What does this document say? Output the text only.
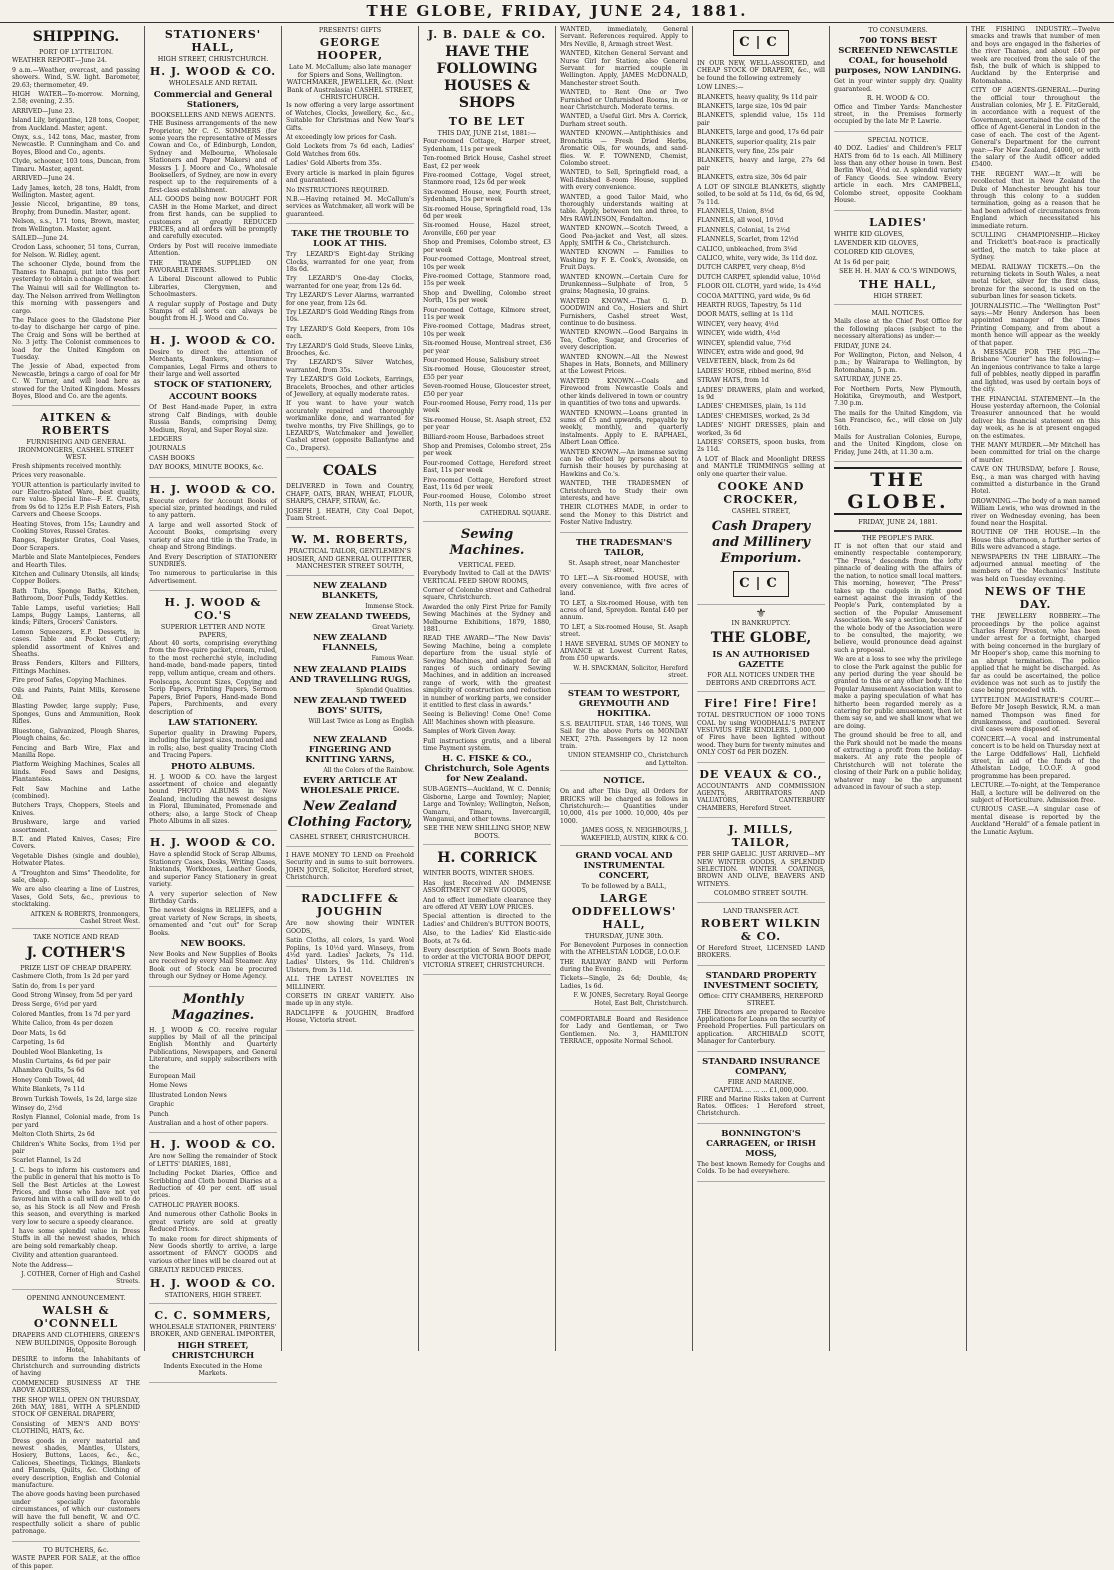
THE GLOBE, FRIDAY, JUNE 24, 1881.
SHIPPING.
PORT OF LYTTELTON.

WEATHER REPORT—June 24.

9 a.m.—Weather, overcast, and passing showers. Wind, S.W. light. Barometer, 29.63; thermometer, 49.

HIGH WATER—To-morrow. Morning, 2.58; evening, 2.35.

ARRIVED—June 23.

Island Lily, brigantine, 128 tons, Cooper, from Auckland. Master, agent.

Onyx, s.s., 142 tons, Mac, master, from Newcastle. P. Cunningham and Co. and Boyes, Blood and Co., agents.

Clyde, schooner, 103 tons, Duncan, from Timaru. Master, agent.

ARRIVED—June 24.

Lady James, ketch, 28 tons, Haldt, from Wellington. Master, agent.

Jessie Niccol, brigantine, 89 tons, Brophy, from Dunedin. Master, agent.

Nelson, s.s., 171 tons, Brown, master, from Wellington. Master, agent.

SAILED—June 24.

Crodon Lass, schooner, 51 tons, Curran, for Nelson. W. Ridley, agent.

The schooner Clyde, bound from the Thames to Ranapui, put into this port yesterday to obtain a change of weather.

The Wainui will sail for Wellington to-day. The Nelson arrived from Wellington this morning with passengers and cargo.

The Palace goes to the Gladstone Pier to-day to discharge her cargo of pine. The Craig and Sons will be berthed at No. 3 jetty. The Colonist commences to load for the United Kingdom on Tuesday.

The Jessie of Abad, expected from Newcastle, brings a cargo of coal for Mr C. W. Turner, and will lead here as stowed for the United Kingdom. Messrs Boyes, Blood and Co. are the agents.

AITKEN & ROBERTS
FURNISHING AND GENERAL IRONMONGERS, CASHEL STREET WEST.

Fresh shipments received monthly.

Prices very reasonable.

YOUR attention is particularly invited to our Electro-plated Ware, best quality, rare value. Special line—F. E. Cruets, from 9s 6d to 125s E.P. Fish Eaters, Fish Carvers and Cheese Scoops.

Heating Stoves, from 15s; Laundry and Cooking Stoves, Russel Grates.

Ranges, Register Grates, Coal Vases, Door Scrapers.

Marble and Slate Mantelpieces, Fenders and Hearth Tiles.

Kitchen and Culinary Utensils, all kinds; Copper Boilers.

Bath Tubs, Sponge Baths, Kitchen, Bathroom, Door Pulls, Teddy Kettles.

Table Lamps, useful varieties; Hall Lamps, Buggy Lamps, Lanterns, all kinds; Filters, Grocers' Canisters.

Lemon Squeezers, E.P. Desserts, in cases. Table and Pocket Cutlery; splendid assortment of Knives and Sheaths.

Brass Fenders, Kilters and Fillters, Fittings Machines.

Fire proof Safes, Copying Machines.

Oils and Paints, Paint Mills, Kerosene Oil.

Blasting Powder, large supply; Fuse, Sponges, Guns and Ammunition, Rook Rifles.

Bluestone, Galvanized, Plough Shares, Plough chains, &c.

Fencing and Barb Wire, Flax and Manilla Rope.

Platform Weighing Machines, Scales all kinds. Feed Saws and Designs, Plantanteiss.

Felt Saw Machine and Lathe (combined).

Butchers Trays, Choppers, Steels and Knives.

Brushware, large and varied assortment.

B.T. and Plated Knives, Cases; Fire Covers.

Vegetable Dishes (single and double), Hotwater Plates.

A "Troughton and Sims" Theodolite, for sale, cheap.

We are also clearing a line of Lustres, Vases, Gold Sets, &c., previous to stocktaking.

AITKEN & ROBERTS, Ironmongers, Cashel Street West.
TAKE NOTICE AND READ
J. COTHER'S
PRIZE LIST OF CHEAP DRAPERY.

Cashmere Cloth, from 1s 2d per yard

Satin do, from 1s per yard

Good Strong Winsey, from 5d per yard

Dress Serge, 6½d per yard

Colored Mantles, from 1s 7d per yard

White Calico, from 4s per dozen

Door Mats, 1s 6d

Carpeting, 1s 6d

Doubled Wool Blanketing, 1s

Muslin Curtains, 4s 6d per pair

Alhambra Quilts, 5s 6d

Honey Comb Towel, 4d

White Blankets, 7s 11d

Brown Turkish Towels, 1s 2d, large size

Winsey do, 2½d

Roslyn Flannel, Colonial made, from 1s per yard

Melton Cloth Shirts, 2s 6d

Children's White Socks, from 1½d per pair

Scarlet Flannel, 1s 2d

J. C. begs to inform his customers and the public in general that his motto is To Sell the Best Articles at the Lowest Prices, and those who have not yet favored him with a call will do well to do so, as his Stock is all New and Fresh this season, and everything is marked very low to secure a speedy clearance.

I have some splendid value in Dress Stuffs in all the newest shades, which are being sold remarkably cheap.

Civility and attention guaranteed.

Note the Address—

J. COTHER, Corner of High and Cashel Streets.
OPENING ANNOUNCEMENT.
WALSH & O'CONNELL
DRAPERS AND CLOTHIERS, GREEN'S NEW BUILDINGS, Opposite Borough Hotel,

DESIRE to inform the Inhabitants of Christchurch and surrounding districts of having

COMMENCED BUSINESS AT THE ABOVE ADDRESS,

THE SHOP WILL OPEN ON THURSDAY, 26th MAY, 1881, WITH A SPLENDID STOCK OF GENERAL DRAPERY,

Consisting of MEN'S AND BOYS' CLOTHING, HATS, &c.

Dress goods in every material and newest shades, Mantles, Ulsters, Hosiery, Buttons, Laces, &c., &c., Calicoes, Sheetings, Tickings, Blankets and Flannels, Quilts, &c. Clothing of every description, English and Colonial manufacture.

The above goods having been purchased under specially favorable circumstances, of which our customers will have the full benefit, W. and O'C. respectfully solicit a share of public patronage.

TO BUTCHERS, &c.

WASTE PAPER FOR SALE, at the office of this paper.

STATIONERS' HALL,
HIGH STREET, CHRISTCHURCH.
H. J. WOOD & CO.
WHOLESALE AND RETAIL
Commercial and General Stationers,
BOOKSELLERS AND NEWS AGENTS.

THE Business arrangements of the new Proprietor, Mr C. C. SOMMERS (for some years the representative of Messrs Cowan and Co., of Edinburgh, London, Sydney and Melbourne, Wholesale Stationers and Paper Makers) and of Messrs J. J. Moore and Co., Wholesale Booksellers, of Sydney, are now in every respect up to the requirements of a first-class establishment.

ALL GOODS being now BOUGHT FOR CASH in the Home Market, and direct from first hands, can be supplied to customers at greatly REDUCED PRICES, and all orders will be promptly and carefully executed.

Orders by Post will receive immediate Attention.

THE TRADE SUPPLIED ON FAVORABLE TERMS.

A Liberal Discount allowed to Public Libraries, Clergymen, and Schoolmasters.

A regular supply of Postage and Duty Stamps of all sorts can always be bought from H. J. Wood and Co.

H. J. WOOD & CO.

Desire to direct the attention of Merchants, Bankers, Insurance Companies, Legal Firms and others to their large and well assorted

STOCK OF STATIONERY,
ACCOUNT BOOKS

Of Best Hand-made Paper, in extra strong Calf Bindings, with double Russia Bands, comprising Demy, Medium, Royal, and Super Royal size.

LEDGERS

JOURNALS

CASH BOOKS

DAY BOOKS, MINUTE BOOKS, &c.

H. J. WOOD & CO.

Execute orders for Account Books of special size, printed headings, and ruled to any pattern.

A large and well assorted Stock of Account Books, comprising every variety of size and title in the Trade, in cheap and Strong Bindings.

And Every Description of STATIONERY SUNDRIES.

Too numerous to particularise in this Advertisement.

H. J. WOOD & CO.'S
SUPERIOR LETTER AND NOTE PAPERS,

About 40 sorts, comprising everything from the five-quire packet, cream, ruled, to the most recherché style, including hand-made, band-made papers, tinted repp, vellum antique, cream and others.

Foolscaps, Account Sizes, Copying and Scrip Papers, Printing Papers, Sermon Papers, Brief Papers, Hand-made Bond Papers, Parchments, and every description of

LAW STATIONERY.

Superior quality in Drawing Papers, including the largest sizes, mounted and in rolls; also, best quality Tracing Cloth and Tracing Papers.

PHOTO ALBUMS.

H. J. WOOD & CO. have the largest assortment of choice and elegantly bound PHOTO ALBUMS in New Zealand, including the newest designs in Floral, Illuminated, Promenade and others; also, a large Stock of Cheap Photo Albums in all sizes.

H. J. WOOD & CO.

Have a splendid Stock of Scrap Albums, Stationery Cases, Desks, Writing Cases, Inkstands, Workboxes, Leather Goods, and superior Fancy Stationery in great variety.

A very superior selection of New Birthday Cards.

The newest designs in RELIEFS, and a great variety of New Scraps, in sheets, ornamented and "cut out" for Scrap Books.

NEW BOOKS.

New Books and New Supplies of Books are received by every Mail Steamer. Any Book out of Stock can be procured through our Sydney or Home Agency.

Monthly Magazines.

H. J. WOOD & CO. receive regular supplies by Mail of all the principal English Monthly and Quarterly Publications, Newspapers, and General Literature, and supply subscribers with the

European Mail

Home News

Illustrated London News

Graphic

Punch

Australian and a host of other papers.

H. J. WOOD & CO.

Are now Selling the remainder of Stock of LETTS' DIARIES, 1881,

Including Pocket Diaries, Office and Scribbling and Cloth bound Diaries at a Reduction of 40 per cent. off usual prices.

CATHOLIC PRAYER BOOKS.

And numerous other Catholic Books in great variety are sold at greatly Reduced Prices.

To make room for direct shipments of New Goods shortly to arrive, a large assortment of FANCY GOODS and various other lines will be cleared out at

GREATLY REDUCED PRICES.

H. J. WOOD & CO.
STATIONERS, HIGH STREET.
C. C. SOMMERS,
WHOLESALE STATIONER, PRINTERS' BROKER, AND GENERAL IMPORTER,
HIGH STREET, CHRISTCHURCH
Indents Executed in the Home Markets.
PRESENTS! GIFTS
GEORGE HOOPER,
Late M. McCallum; also late manager for Spiers and Sons, Wellington. WATCHMAKER, JEWELLER, &c. (Next Bank of Australasia) CASHEL STREET, CHRISTCHURCH.

Is now offering a very large assortment of Watches, Clocks, Jewellery, &c., &c., Suitable for Christmas and New Year's Gifts.

At exceedingly low prices for Cash.

Gold Lockets from 7s 6d each, Ladies' Gold Watches from 60s.

Ladies' Gold Alberts from 35s.

Every article is marked in plain figures and guaranteed.

No INSTRUCTIONS REQUIRED.

N.B.—Having retained M. McCallum's services as Watchmaker, all work will be guaranteed.

TAKE THE TROUBLE TO LOOK AT THIS.

Try LEZARD'S Eight-day Striking Clocks, warranted for one year, from 18s 6d.

Try LEZARD'S One-day Clocks, warranted for one year, from 12s 6d.

Try LEZARD'S Lever Alarms, warranted for one year, from 12s 6d.

Try LEZARD'S Gold Wedding Rings from 10s.

Try LEZARD'S Gold Keepers, from 10s each.

Try LEZARD'S Gold Studs, Sleeve Links, Brooches, &c.

Try LEZARD'S Silver Watches, warranted, from 35s.

Try LEZARD'S Gold Lockets, Earrings, Bracelets, Brooches, and other articles of Jewellery, at equally moderate rates.

If you want to have your watch accurately repaired and thoroughly workmanlike done, and warranted for twelve months, try Five Shillings, go to LEZARD'S, Watchmaker and Jeweller, Cashel street (opposite Ballantyne and Co., Drapers).

COALS

DELIVERED in Town and Country, CHAFF, OATS, BRAN, WHEAT, FLOUR, SHARPS, CHAFF, STRAW, &c.

JOSEPH J. HEATH, City Coal Depot, Tuam Street.

W. M. ROBERTS,
PRACTICAL TAILOR, GENTLEMEN'S HOSIER, AND GENERAL OUTFITTER, MANCHESTER STREET SOUTH,
NEW ZEALAND BLANKETS,
Immense Stock.
NEW ZEALAND TWEEDS,
Great Variety.
NEW ZEALAND FLANNELS,
Famous Wear.
NEW ZEALAND PLAIDS AND TRAVELLING RUGS,
Splendid Qualities.
NEW ZEALAND TWEED BOYS' SUITS,
Will Last Twice as Long as English Goods.
NEW ZEALAND FINGERING AND KNITTING YARNS,
All the Colors of the Rainbow.
EVERY ARTICLE AT WHOLESALE PRICE.
New Zealand Clothing Factory,
CASHEL STREET, CHRISTCHURCH.

I HAVE MONEY TO LEND on Freehold Security and in sums to suit borrowers. JOHN JOYCE, Solicitor, Hereford street, Christchurch.

RADCLIFFE & JOUGHIN

Are now showing their WINTER GOODS,

Satin Cloths, all colors, 1s yard. Wool Poplins, 1s 10½d yard. Winseys, from 4½d yard. Ladies' Jackets, 7s 11d. Ladies' Ulsters, 9s 11d. Children's Ulsters, from 3s 11d.

ALL THE LATEST NOVELTIES IN MILLINERY.

CORSETS IN GREAT VARIETY. Also made up in any style.

RADCLIFFE & JOUGHIN, Bradford House, Victoria street.

J. B. DALE & CO.
HAVE THE FOLLOWING HOUSES & SHOPS
TO BE LET
THIS DAY, JUNE 21st, 1881:—

Four-roomed Cottage, Harper street, Sydenham, 11s per week

Ten-roomed Brick House, Cashel street East, £2 per week

Five-roomed Cottage, Vogel street, Stanmore road, 12s 6d per week

Six-roomed House, new, Fourth street, Sydenham, 15s per week

Six-roomed House, Springfield road, 13s 6d per week

Six-roomed House, Hazel street, Avonville, £60 per year

Shop and Premises, Colombo street, £3 per week

Four-roomed Cottage, Montreal street, 10s per week

Five-roomed Cottage, Stanmore road, 15s per week

Shop and Dwelling, Colombo street North, 15s per week

Four-roomed Cottage, Kilmore street, 11s per week

Five-roomed Cottage, Madras street, 10s per week

Six-roomed House, Montreal street, £36 per year

Four-roomed House, Salisbury street

Six-roomed House, Gloucester street, £55 per year

Seven-roomed House, Gloucester street, £50 per year

Four-roomed House, Ferry road, 11s per week

Six-roomed House, St. Asaph street, £52 per year

Billiard-room House, Barbadoes street

Shop and Premises, Colombo street, 25s per week

Four-roomed Cottage, Hereford street East, 11s per week

Five-roomed Cottage, Hereford street East, 11s 6d per week

Four-roomed House, Colombo street North, 11s per week

CATHEDRAL SQUARE.
Sewing Machines.
VERTICAL FEED.

Everybody Invited to Call at the DAVIS' VERTICAL FEED SHOW ROOMS,

Corner of Colombo street and Cathedral square, Christchurch.

Awarded the only First Prize for Family Sewing Machines at the Sydney and Melbourne Exhibitions, 1879, 1880, 1881.

READ THE AWARD—"The New Davis' Sewing Machine, being a complete departure from the usual style of Sewing Machines, and adapted for all ranges of such ordinary Sewing Machines, and in addition an increased range of work, with the greatest simplicity of construction and reduction in number of working parts, we consider it entitled to first class in awards."

Seeing is Believing! Come One! Come All! Machines shown with pleasure.

Samples of Work Given Away.

Full instructions gratis, and a liberal time Payment system.

H. C. FISKE & CO., Christchurch, Sole Agents for New Zealand.

SUB-AGENTS—Auckland, W. C. Dennis; Gisborne, Large and Townley; Napier, Large and Townley; Wellington, Nelson, Oamaru, Timaru, Invercargill, Wanganui, and other towns.

SEE THE NEW SHILLING SHOP, NEW BOOTS.
H. CORRICK

WINTER BOOTS, WINTER SHOES.

Has just Received AN IMMENSE ASSORTMENT OF NEW GOODS,

And to effect immediate clearance they are offered AT VERY LOW PRICES.

Special attention is directed to the Ladies' and Children's BUTTON BOOTS,

Also, to the Ladies' Kid Elastic-side Boots, at 7s 6d.

Every description of Sewn Boots made to order at the VICTORIA BOOT DEPOT, VICTORIA STREET, CHRISTCHURCH.

WANTED, immediately, General Servant. References required. Apply to Mrs Neville, 8, Armagh street West.

WANTED, Kitchen General Servant and Nurse Girl for Station; also General Servant for married couple in Wellington. Apply, JAMES McDONALD, Manchester street South.

WANTED, to Rent One or Two Furnished or Unfurnished Rooms, in or near Christchurch. Moderate terms.

WANTED, a Useful Girl. Mrs A. Corrick, Durham street south.

WANTED KNOWN.—Antiphthisics and Bronchitis — Fresh Dried Herbs, Aromatic Oils, for wounds, and sand-flies. W. F. TOWNEND, Chemist, Colombo street.

WANTED, to Sell, Springfield road, a Well-finished 8-room House, supplied with every convenience.

WANTED, a good Tailor Maid, who thoroughly understands waiting at table. Apply, between ten and three, to Mrs RAWLINSON, Fendalton.

WANTED KNOWN.—Scotch Tweed, a Good Pea-jacket and Vest, all sizes. Apply, SMITH & Co., Christchurch.

WANTED KNOWN — Families to Washing by F. E. Cook's, Avonside, on Fruit Days.

WANTED KNOWN.—Certain Cure for Drunkenness—Sulphate of Iron, 5 grains; Magnesia, 10 grains.

WANTED KNOWN.—That G. D. GOODWIN and Co., Hosiers and Shirt Furnishers, Cashel street West, continue to do business.

WANTED KNOWN.—Good Bargains in Tea, Coffee, Sugar, and Groceries of every description.

WANTED KNOWN.—All the Newest Shapes in Hats, Bonnets, and Millinery at the Lowest Prices.

WANTED KNOWN.—Coals and Firewood from Newcastle Coals and other kinds delivered in town or country in quantities of two tons and upwards.

WANTED KNOWN.—Loans granted in sums of £5 and upwards, repayable by weekly, monthly, and quarterly instalments. Apply to E. RAPHAEL, Albert Loan Office.

WANTED KNOWN.—An immense saving can be effected by persons about to furnish their houses by purchasing at Hawkins and Co.'s.

WANTED, THE TRADESMEN of Christchurch to Study their own interests, and have

THEIR CLOTHES MADE, in order to send the Money to this District and Foster Native Industry.

THE TRADESMAN'S TAILOR,
St. Asaph street, near Manchester street.

TO LET.—A Six-roomed HOUSE, with every convenience, with five acres of land.

TO LET, a Six-roomed House, with ten acres of land, Spreydon. Rental £40 per annum.

TO LET, a Six-roomed House, St. Asaph street.

I HAVE SEVERAL SUMS OF MONEY to ADVANCE at Lowest Current Rates, from £50 upwards.

W. H. SPACKMAN, Solicitor, Hereford street.
STEAM TO WESTPORT, GREYMOUTH AND HOKITIKA.

S.S. BEAUTIFUL STAR, 146 TONS, Will Sail for the above Ports on MONDAY NEXT, 27th. Passengers by 12 noon train.

UNION STEAMSHIP CO., Christchurch and Lyttelton.
NOTICE.

On and after This Day, all Orders for BRICKS will be charged as follows in Christchurch:— Quantities under 10,000, 41s per 1000. 10,000, 40s per 1000.

JAMES GOSS, N. NEIGHBOURS, J. WAKEFIELD, AUSTIN, KIRK & CO.
GRAND VOCAL AND INSTRUMENTAL CONCERT,
To be followed by a BALL,
LARGE ODDFELLOWS' HALL,
THURSDAY, JUNE 30th.

For Benevolent Purposes in connection with the ATHELSTAN LODGE, I.O.O.F.

THE RAILWAY BAND will Perform during the Evening.

Tickets—Single, 2s 6d; Double, 4s; Ladies, 1s 6d.

F. W. JONES, Secretary. Royal George Hotel, East Belt, Christchurch.

COMFORTABLE Board and Residence for Lady and Gentleman, or Two Gentlemen. No. 3, HAMILTON TERRACE, opposite Normal School.

C|C

IN OUR NEW, WELL-ASSORTED, and CHEAP STOCK OF DRAPERY, &c., will be found the following extremely

LOW LINES:—

BLANKETS, heavy quality, 9s 11d pair

BLANKETS, large size, 10s 9d pair

BLANKETS, splendid value, 15s 11d pair

BLANKETS, large and good, 17s 6d pair

BLANKETS, superior quality, 21s pair

BLANKETS, very fine, 25s pair

BLANKETS, heavy and large, 27s 6d pair

BLANKETS, extra size, 30s 6d pair

A LOT OF SINGLE BLANKETS, slightly soiled, to be sold at 5s 11d, 6s 6d, 6s 9d, 7s 11d.

FLANNELS, Union, 8½d

FLANNELS, all wool, 10½d

FLANNELS, Colonial, 1s 2½d

FLANNELS, Scarlet, from 12½d

CALICO, unbleached, from 3¼d

CALICO, white, very wide, 3s 11d doz.

DUTCH CARPET, very cheap, 8½d

DUTCH CARPET, splendid value, 10½d

FLOOR OIL CLOTH, yard wide, 1s 4½d

COCOA MATTING, yard wide, 9s 6d

HEARTH RUGS, Tapestry, 5s 11d

DOOR MATS, selling at 1s 11d

WINCEY, very heavy, 4½d

WINCEY, wide width, 4½d

WINCEY, splendid value, 7½d

WINCEY, extra wide and good, 9d

VELVETEEN, black, from 2s 6d

LADIES' HOSE, ribbed merino, 8½d

STRAW HATS, from 1d

LADIES' DRAWERS, plain and worked, 1s 9d

LADIES' CHEMISES, plain, 1s 11d

LADIES' CHEMISES, worked, 2s 3d

LADIES' NIGHT DRESSES, plain and worked, 3s 6d

LADIES' CORSETS, spoon busks, from 2s 11d.

A LOT of Black and Moonlight DRESS and MANTLE TRIMMINGS selling at only one quarter their value.

COOKE AND CROCKER,
CASHEL STREET,
Cash Drapery and Millinery Emporium.
C|C
⚜
IN BANKRUPTCY.
THE GLOBE,
IS AN AUTHORISED GAZETTE
FOR ALL NOTICES UNDER THE DEBTORS AND CREDITORS ACT.
Fire! Fire! Fire!

TOTAL DESTRUCTION OF 1000 TONS COAL by using WOODHALL'S PATENT VESUVIUS FIRE KINDLERS. 1,000,000 of Fires have been lighted without wood. They burn for twenty minutes and ONLY COST 6d PER DOZEN.

DE VEAUX & CO.,

ACCOUNTANTS AND COMMISSION AGENTS, ARBITRATORS AND VALUATORS, CANTERBURY CHAMBERS, Hereford Street.

J. MILLS, TAILOR,

PER SHIP GAELIC. JUST ARRIVED—MY NEW WINTER GOODS, A SPLENDID SELECTION. WINTER COATINGS, BROWN AND OLIVE, BEAVERS AND WITNEYS.

COLOMBO STREET SOUTH.
LAND TRANSFER ACT.
ROBERT WILKIN & CO.

Of Hereford Street, LICENSED LAND BROKERS.

STANDARD PROPERTY INVESTMENT SOCIETY,
Office: CITY CHAMBERS, HEREFORD STREET.

THE Directors are prepared to Receive Applications for Loans on the security of Freehold Properties. Full particulars on application. ARCHIBALD SCOTT, Manager for Canterbury.

STANDARD INSURANCE COMPANY,
FIRE AND MARINE.
CAPITAL ... ... ... £1,000,000.

FIRE and Marine Risks taken at Current Rates. Offices: 1 Hereford street, Christchurch.

BONNINGTON'S CARRAGEEN, or IRISH MOSS,

The best known Remedy for Coughs and Colds. To be had everywhere.

TO CONSUMERS.
700 TONS BEST SCREENED NEWCASTLE COAL, for household purposes, NOW LANDING.

Get in your winter supply dry. Quality guaranteed.

R. H. WOOD & CO.

Office and Timber Yards: Manchester street, in the Premises formerly occupied by the late Mr P. Lawrie.

SPECIAL NOTICE.

40 DOZ. Ladies' and Children's FELT HATS from 6d to 1s each. All Millinery less than any other house in town. Best Berlin Wool, 4½d oz. A splendid variety of Fancy Goods. See window. Every article in each. Mrs CAMPBELL, Colombo street, opposite Cookham House.

LADIES'

WHITE KID GLOVES,

LAVENDER KID GLOVES,

COLORED KID GLOVES,

At 1s 6d per pair,

SEE H. H. MAY & CO.'S WINDOWS,
THE HALL,
HIGH STREET.
MAIL NOTICES.

Mails close at the Chief Post Office for the following places (subject to the necessary alterations) as under:—

FRIDAY, JUNE 24.

For Wellington, Picton, and Nelson, 4 p.m.; by Wairarapa to Wellington, by Rotomahana, 5 p.m.

SATURDAY, JUNE 25.

For Northern Ports, New Plymouth, Hokitika, Greymouth, and Westport, 7.30 p.m.

The mails for the United Kingdom, via San Francisco, &c., will close on July 16th.

Mails for Australian Colonies, Europe, and the United Kingdom, close on Friday, June 24th, at 11.30 a.m.

THE GLOBE.
FRIDAY, JUNE 24, 1881.
THE PEOPLE'S PARK.

IT is not often that our staid and eminently respectable contemporary, "The Press," descends from the lofty pinnacle of dealing with the affairs of the nation, to notice small local matters. This morning, however, "The Press" takes up the cudgels in right good earnest against the invasion of the People's Park, contemplated by a section of the Popular Amusement Association. We say a section, because if the whole body of the Association were to be consulted, the majority, we believe, would pronounce dead against such a proposal.

We are at a loss to see why the privilege to close the Park against the public for any period during the year should be granted to this or any other body. If the Popular Amusement Association want to make a paying speculation of what has hitherto been regarded merely as a catering for public amusement, then let them say so, and we shall know what we are doing.

The ground should be free to all, and the Park should not be made the means of extracting a profit from the holiday-makers. At any rate the people of Christchurch will not tolerate the closing of their Park on a public holiday, whatever may be the argument advanced in favour of such a step.

THE FISHING INDUSTRY.—Twelve smacks and trawls that number of men and boys are engaged in the fisheries of the river Thames, and about £40 per week are received from the sale of the fish, the bulk of which is shipped to Auckland by the Enterprise and Rotomahana.

CITY OF AGENTS-GENERAL.—During the official tour throughout the Australian colonies, Mr J. E. FitzGerald, in accordance with a request of the Government, ascertained the cost of the office of Agent-General in London in the case of each. The cost of the Agent-General's Department for the current year:—For New Zealand, £4000, or with the salary of the Audit officer added £5400.

THE REGENT WAY.—It will be recollected that in New Zealand the Duke of Manchester brought his tour through this colony to a sudden termination, going as a reason that he had been advised of circumstances from England which necessitated his immediate return.

SCULLING CHAMPIONSHIP.—Hickey and Trickett's boat-race is practically settled, the match to take place at Sydney.

MEDAL RAILWAY TICKETS.—On the returning tickets in South Wales, a neat metal ticket, silver for the first class, bronze for the second, is used on the suburban lines for season tickets.

JOURNALISTIC.—The "Wellington Post" says:—Mr Henry Anderson has been appointed manager of the Times Printing Company, and from about a month hence will appear as the weekly of that paper.

A MESSAGE FOR THE PIG.—The Brisbane "Courier" has the following:—An ingenious contrivance to take a large full of pebbles, neatly dipped in paraffin and lighted, was used by certain boys of the city.

THE FINANCIAL STATEMENT.—In the House yesterday afternoon, the Colonial Treasurer announced that he would deliver his financial statement on this day week, as he is at present engaged on the estimates.

THE MANY MURDER.—Mr Mitchell has been committed for trial on the charge of murder.

CAVE ON THURSDAY, before J. Rouse, Esq., a man was charged with having committed a disturbance in the Grand Hotel.

DROWNING.—The body of a man named William Lewis, who was drowned in the river on Wednesday evening, has been found near the Hospital.

ROUTINE OF THE HOUSE.—In the House this afternoon, a further series of Bills were advanced a stage.

NEWSPAPERS IN THE LIBRARY.—The adjourned annual meeting of the members of the Mechanics' Institute was held on Tuesday evening.

NEWS OF THE DAY.

THE JEWELLERY ROBBERY.—The proceedings by the police against Charles Henry Preston, who has been under arrest for a fortnight, charged with being concerned in the burglary of Mr Hooper's shop, came this morning to an abrupt termination. The police applied that he might be discharged. As far as could be ascertained, the police evidence was not such as to justify the case being proceeded with.

LYTTELTON MAGISTRATE'S COURT.—Before Mr Joseph Beswick, R.M. a man named Thompson was fined for drunkenness, and cautioned. Several civil cases were disposed of.

CONCERT.—A vocal and instrumental concert is to be held on Thursday next at the Large Oddfellows' Hall, Lichfield street, in aid of the funds of the Athelstan Lodge, I.O.O.F. A good programme has been prepared.

LECTURE.—To-night, at the Temperance Hall, a lecture will be delivered on the subject of Horticulture. Admission free.

CURIOUS CASE.—A singular case of mental disease is reported by the Auckland "Herald" of a female patient in the Lunatic Asylum.
